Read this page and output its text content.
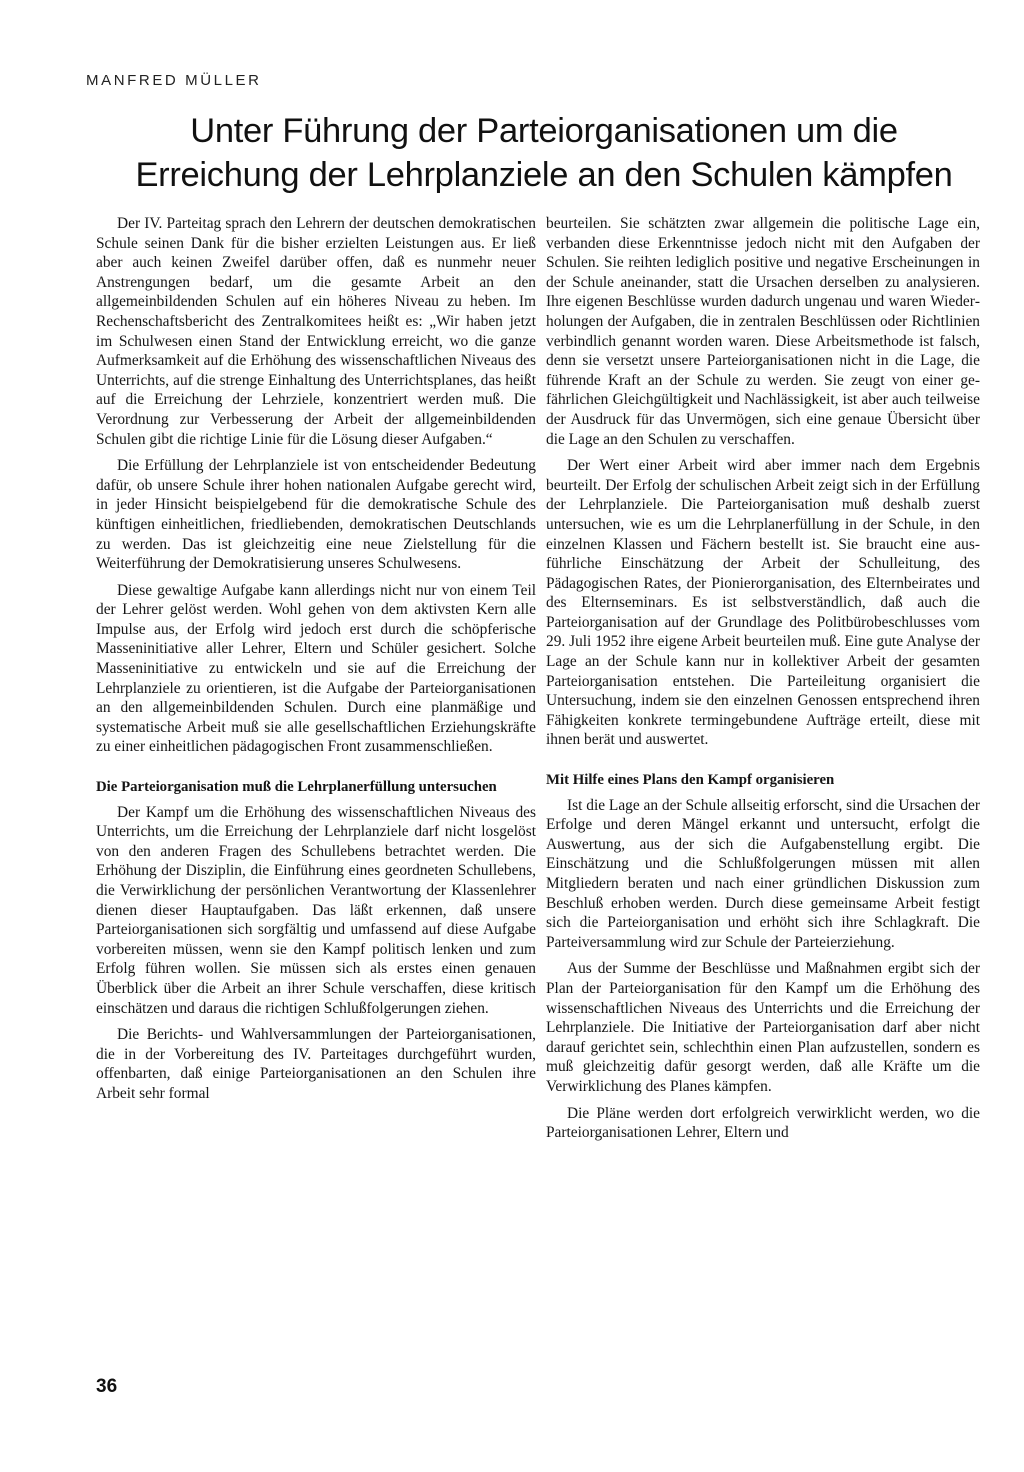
MANFRED MÜLLER
Unter Führung der Parteiorganisationen um die
Erreichung der Lehrplanziele an den Schulen kämpfen

Der IV. Parteitag sprach den Lehrern der deutschen demokratischen Schule seinen Dank für die bisher erzielten Leistungen aus. Er ließ aber auch keinen Zweifel darüber offen, daß es nunmehr neuer Anstrengungen bedarf, um die gesamte Arbeit an den allgemeinbildenden Schulen auf ein höheres Niveau zu heben. Im Rechenschaftsbericht des Zentralkomitees heißt es: „Wir haben jetzt im Schulwesen einen Stand der Entwicklung erreicht, wo die ganze Aufmerksamkeit auf die Erhöhung des wissenschaftlichen Niveaus des Unterrichts, auf die strenge Einhaltung des Unterrichtsplanes, das heißt auf die Erreichung der Lehrziele, konzentriert werden muß. Die Verordnung zur Verbesserung der Arbeit der allgemeinbildenden Schulen gibt die richtige Linie für die Lösung dieser Aufgaben.“

Die Erfüllung der Lehrplanziele ist von entscheidender Bedeutung dafür, ob unsere Schule ihrer hohen nationalen Aufgabe gerecht wird, in jeder Hinsicht beispielgebend für die demokratische Schule des künftigen einheitlichen, friedliebenden, demokratischen Deutschlands zu werden. Das ist gleichzeitig eine neue Zielstellung für die Weiterführung der Demokratisierung unseres Schulwesens.

Diese gewaltige Aufgabe kann allerdings nicht nur von einem Teil der Lehrer gelöst werden. Wohl gehen von dem aktivsten Kern alle Impulse aus, der Erfolg wird jedoch erst durch die schöpferische Masseninitiative aller Lehrer, Eltern und Schüler gesichert. Solche Masseninitiative zu entwickeln und sie auf die Erreichung der Lehrplanziele zu orientieren, ist die Aufgabe der Parteiorganisationen an den allgemeinbildenden Schulen. Durch eine planmäßige und systematische Arbeit muß sie alle gesellschaftlichen Erziehungskräfte zu einer einheitlichen pädagogischen Front zusammenschließen.

Die Parteiorganisation muß die Lehrplanerfüllung untersuchen

Der Kampf um die Erhöhung des wissenschaftlichen Niveaus des Unterrichts, um die Erreichung der Lehrplanziele darf nicht losgelöst von den anderen Fragen des Schullebens betrachtet werden. Die Erhöhung der Disziplin, die Einführung eines geordneten Schullebens, die Verwirklichung der persönlichen Verantwortung der Klassenlehrer dienen dieser Hauptaufgaben. Das läßt erkennen, daß unsere Parteiorganisationen sich sorgfältig und umfassend auf diese Aufgabe vorbereiten müssen, wenn sie den Kampf politisch lenken und zum Erfolg führen wollen. Sie müssen sich als erstes einen genauen Überblick über die Arbeit an ihrer Schule verschaffen, diese kritisch einschätzen und daraus die richtigen Schlußfolgerungen ziehen.

Die Berichts- und Wahlversammlungen der Parteiorganisationen, die in der Vorbereitung des IV. Parteitages durchgeführt wurden, offenbarten, daß einige Parteiorganisationen an den Schulen ihre Arbeit sehr formal

beurteilen. Sie schätzten zwar allgemein die politische Lage ein, verbanden diese Erkenntnisse jedoch nicht mit den Aufgaben der Schulen. Sie reihten lediglich positive und negative Erscheinungen in der Schule aneinander, statt die Ursachen derselben zu analysieren. Ihre eigenen Beschlüsse wurden dadurch ungenau und waren Wiederholungen der Aufgaben, die in zentralen Beschlüssen oder Richtlinien verbindlich genannt worden waren. Diese Arbeitsmethode ist falsch, denn sie versetzt unsere Parteiorganisationen nicht in die Lage, die führende Kraft an der Schule zu werden. Sie zeugt von einer gefährlichen Gleichgültigkeit und Nachlässigkeit, ist aber auch teilweise der Ausdruck für das Unvermögen, sich eine genaue Übersicht über die Lage an den Schulen zu verschaffen.

Der Wert einer Arbeit wird aber immer nach dem Ergebnis beurteilt. Der Erfolg der schulischen Arbeit zeigt sich in der Erfüllung der Lehrplanziele. Die Parteiorganisation muß deshalb zuerst untersuchen, wie es um die Lehrplanerfüllung in der Schule, in den einzelnen Klassen und Fächern bestellt ist. Sie braucht eine ausführliche Einschätzung der Arbeit der Schulleitung, des Pädagogischen Rates, der Pionierorganisation, des Elternbeirates und des Elternseminars. Es ist selbstverständlich, daß auch die Parteiorganisation auf der Grundlage des Politbürobeschlusses vom 29. Juli 1952 ihre eigene Arbeit beurteilen muß. Eine gute Analyse der Lage an der Schule kann nur in kollektiver Arbeit der gesamten Parteiorganisation entstehen. Die Parteileitung organisiert die Untersuchung, indem sie den einzelnen Genossen entsprechend ihren Fähigkeiten konkrete termingebundene Aufträge erteilt, diese mit ihnen berät und auswertet.

Mit Hilfe eines Plans den Kampf organisieren

Ist die Lage an der Schule allseitig erforscht, sind die Ursachen der Erfolge und deren Mängel erkannt und untersucht, erfolgt die Auswertung, aus der sich die Aufgabenstellung ergibt. Die Einschätzung und die Schlußfolgerungen müssen mit allen Mitgliedern beraten und nach einer gründlichen Diskussion zum Beschluß erhoben werden. Durch diese gemeinsame Arbeit festigt sich die Parteiorganisation und erhöht sich ihre Schlagkraft. Die Parteiversammlung wird zur Schule der Parteierziehung.

Aus der Summe der Beschlüsse und Maßnahmen ergibt sich der Plan der Parteiorganisation für den Kampf um die Erhöhung des wissenschaftlichen Niveaus des Unterrichts und die Erreichung der Lehrplanziele. Die Initiative der Parteiorganisation darf aber nicht darauf gerichtet sein, schlechthin einen Plan aufzustellen, sondern es muß gleichzeitig dafür gesorgt werden, daß alle Kräfte um die Verwirklichung des Planes kämpfen.

Die Pläne werden dort erfolgreich verwirklicht werden, wo die Parteiorganisationen Lehrer, Eltern und

36
